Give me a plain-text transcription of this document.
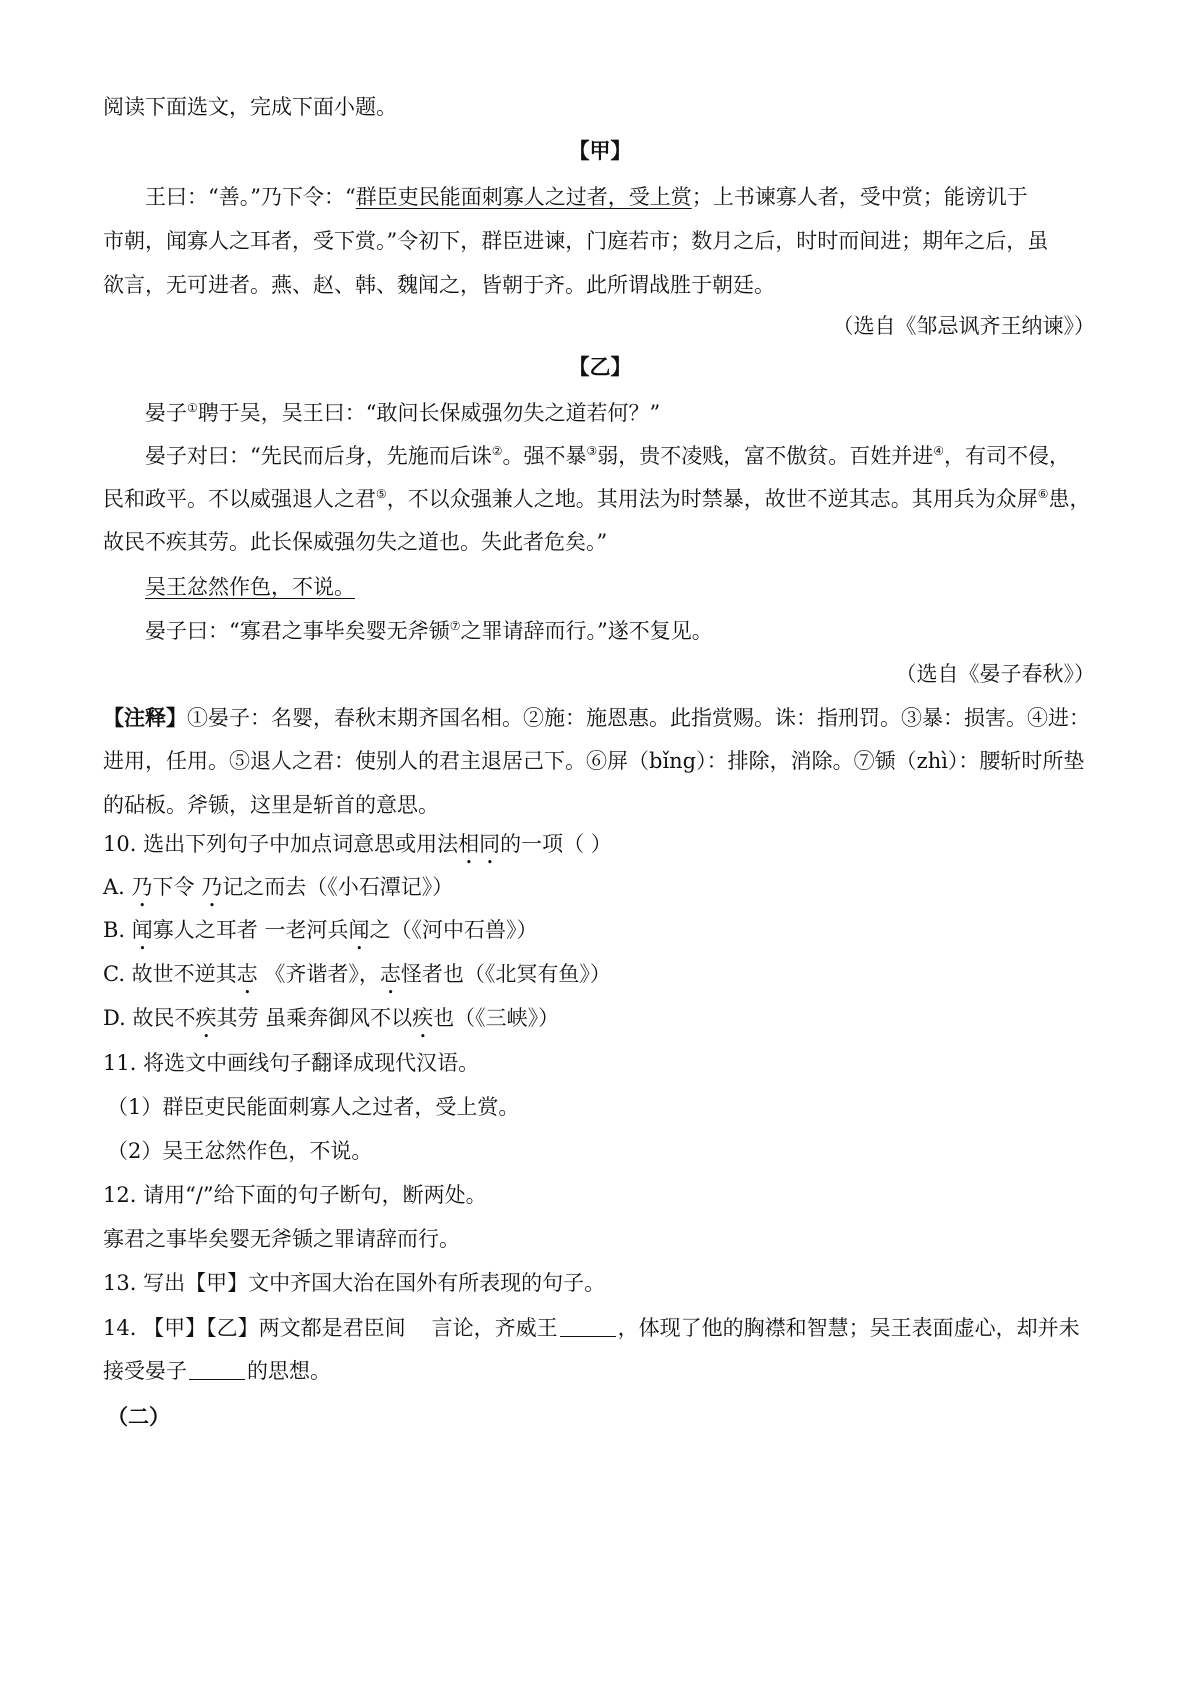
阅读下面选文，完成下面小题。
【甲】
王曰：“善。”乃下令：“群臣吏民能面刺寡人之过者，受上赏；上书谏寡人者，受中赏；能谤讥于
市朝，闻寡人之耳者，受下赏。”令初下，群臣进谏，门庭若市；数月之后，时时而间进；期年之后，虽
欲言，无可进者。燕、赵、韩、魏闻之，皆朝于齐。此所谓战胜于朝廷。
（选自《邹忌讽齐王纳谏》）
【乙】
晏子①聘于吴，吴王曰：“敢问长保威强勿失之道若何？”
晏子对曰：“先民而后身，先施而后诛②。强不暴③弱，贵不凌贱，富不傲贫。百姓并进④，有司不侵，
民和政平。不以威强退人之君⑤，不以众强兼人之地。其用法为时禁暴，故世不逆其志。其用兵为众屏⑥患，
故民不疾其劳。此长保威强勿失之道也。失此者危矣。”
吴王忿然作色，不说。
晏子曰：“寡君之事毕矣婴无斧锧⑦之罪请辞而行。”遂不复见。
（选自《晏子春秋》）
【注释】①晏子：名婴，春秋末期齐国名相。②施：施恩惠。此指赏赐。诛：指刑罚。③暴：损害。④进：
进用，任用。⑤退人之君：使别人的君主退居己下。⑥屏（bǐng）：排除，消除。⑦锧（zhì）：腰斩时所垫
的砧板。斧锧，这里是斩首的意思。
10. 选出下列句子中加点词意思或用法相同的一项（ ）
A. 乃下令 乃记之而去（《小石潭记》）
B. 闻寡人之耳者 一老河兵闻之（《河中石兽》）
C. 故世不逆其志 《齐谐者》，志怪者也（《北冥有鱼》）
D. 故民不疾其劳 虽乘奔御风不以疾也（《三峡》）
11. 将选文中画线句子翻译成现代汉语。
（1）群臣吏民能面刺寡人之过者，受上赏。
（2）吴王忿然作色，不说。
12. 请用“/”给下面的句子断句，断两处。
寡君之事毕矣婴无斧锧之罪请辞而行。
13. 写出【甲】文中齐国大治在国外有所表现的句子。
14. 【甲】【乙】两文都是君臣间 言论，齐威王	，体现了他的胸襟和智慧；吴王表面虚心，却并未
接受晏子	的思想。
（二）
